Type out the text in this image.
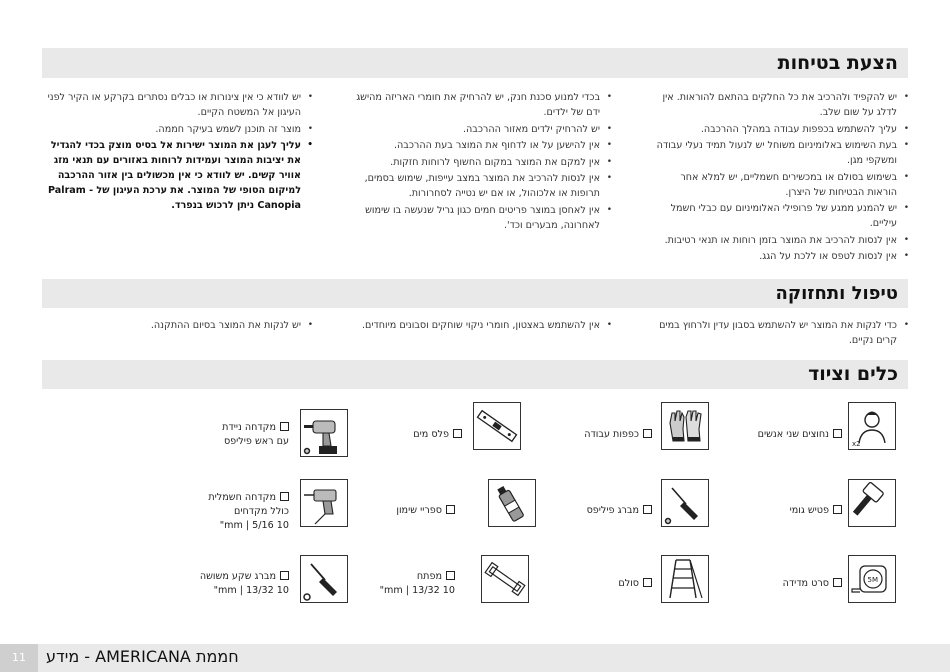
הצעת בטיחות
• יש להקפיד ולהרכיב את כל החלקים בהתאם להוראות. אין לדלג על שום שלב.
• עליך להשתמש בכפפות עבודה במהלך ההרכבה.
• בעת השימוש באלומיניום משוחל יש לנעול תמיד נעלי עבודה ומשקפי מגן.
• בשימוש בסולם או במכשירים חשמליים, יש למלא אחר הוראות הבטיחות של היצרן.
• יש להמנע ממגע של פרופילי האלומיניום עם כבלי חשמל עיליים.
• אין לנסות להרכיב את המוצר בזמן רוחות או תנאי רטיבות.
• אין לנסות לטפס או ללכת על הגג.
• בכדי למנוע סכנת חנק, יש להרחיק את חומרי האריזה מהישג ידם של ילדים.
• יש להרחיק ילדים מאזור ההרכבה.
• אין להישען על או לדחוף את המוצר בעת ההרכבה.
• אין למקם את המוצר במקום החשוף לרוחות חזקות.
• אין לנסות להרכיב את המוצר במצב עייפות, שימוש בסמים, תרופות או אלכוהול, או אם יש נטייה לסחרורות.
• אין לאחסן במוצר פריטים חמים כגון גריל שנעשה בו שימוש לאחרונה, מבערים וכד'.
• יש לוודא כי אין צינורות או כבלים נסתרים בקרקע או הקיר לפני העיגון אל המשטח הקיים.
• מוצר זה תוכנן לשמש בעיקר חממה.
• עליך לעגן את המוצר ישירות אל בסיס מוצק בכדי להגדיל את יציבות המוצר ועמידות לרוחות באזורים עם תנאי מזג אוויר קשים. יש לוודא כי אין מכשולים בין אזור ההרכבה למיקום הסופי של המוצר. את ערכת העיגון של Palram - Canopia ניתן לרכוש בנפרד.
טיפול ותחזוקה
• כדי לנקות את המוצר יש להשתמש בסבון עדין ולרחוץ במים קרים נקיים.
• אין להשתמש באצטון, חומרי ניקוי שוחקים וסבונים מיוחדים.
• יש לנקות את המוצר בסיום ההתקנה.
כלים וציוד
x2
נחוצים שני אנשים
כפפות עבודה
פלס מים
מקדחה ניידת
עם ראש פיליפס
פטיש גומי
מברג פיליפס
ספריי שימון
מקדחה חשמלית
כולל מקדחים
10 mm | 5/16"
5M
סרט מדידה
סולם
מפתח
10 mm | 13/32"
מברג שקע משושה
10 mm | 13/32"
11	חממת AMERICANA - מידע
